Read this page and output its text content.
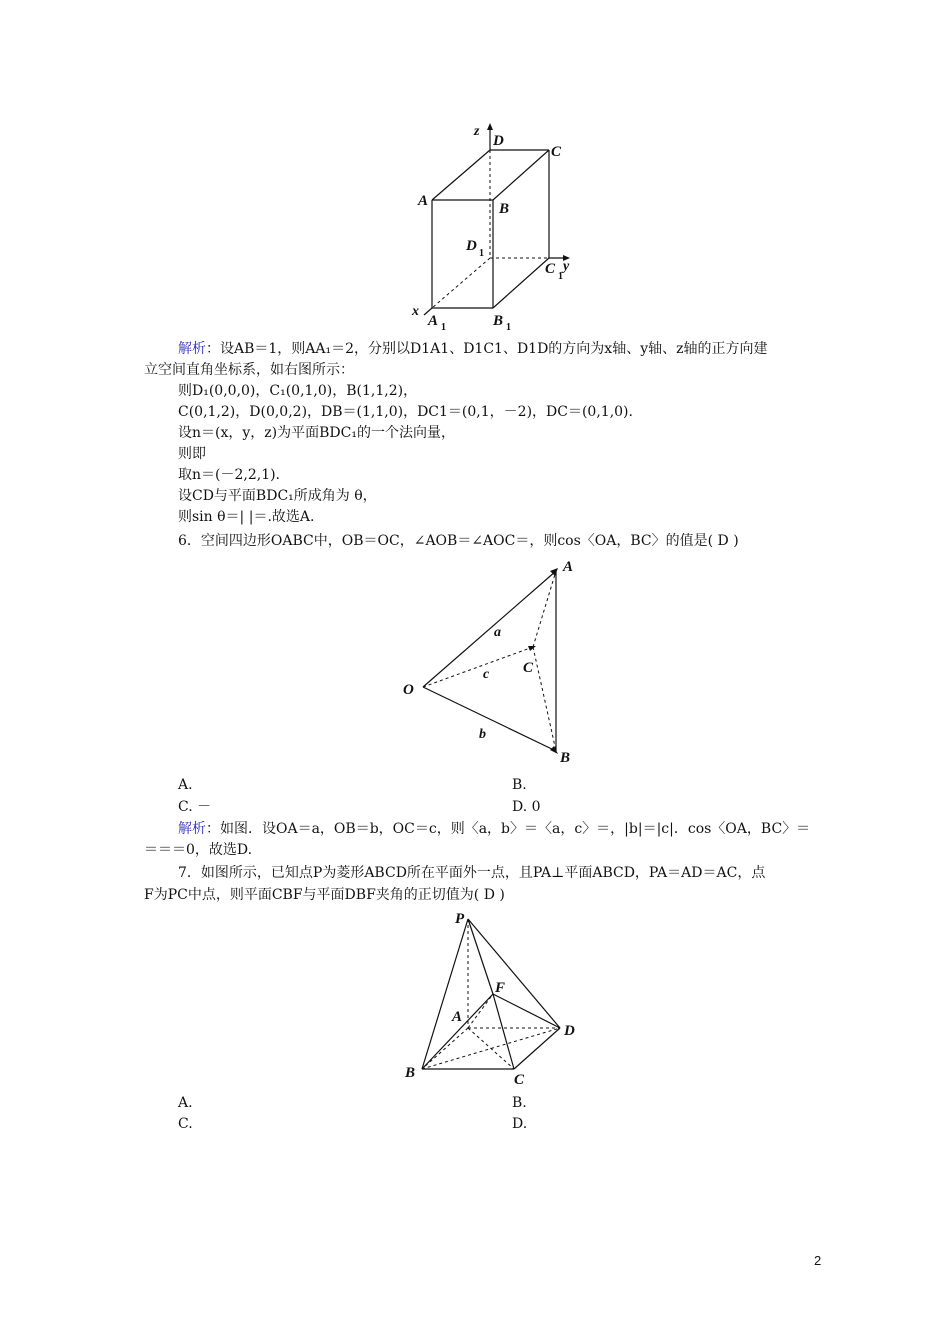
z
D
C
A	B
D 1
C 1
y
x
A 1	B 1
解析：设AB＝1，则AA₁＝2，分别以D1A1、D1C1、D1D的方向为x轴、y轴、z轴的正方向建
立空间直角坐标系，如右图所示：
则D₁(0,0,0)，C₁(0,1,0)，B(1,1,2)，
C(0,1,2)，D(0,0,2)，DB＝(1,1,0)，DC1＝(0,1，－2)，DC＝(0,1,0).
设n＝(x，y，z)为平面BDC₁的一个法向量，
则即
取n＝(－2,2,1).
设CD与平面BDC₁所成角为 θ，
则sin θ＝| |＝.故选A.
6．空间四边形OABC中，OB＝OC，∠AOB＝∠AOC＝，则cos〈OA，BC〉的值是( D )
A
a
C
c
O
b
B
A.	B.
C. －	D. 0
解析：如图．设OA＝a，OB＝b，OC＝c，则〈a，b〉＝〈a，c〉＝，|b|＝|c|．cos〈OA，BC〉＝
＝＝＝0，故选D.
7．如图所示，已知点P为菱形ABCD所在平面外一点，且PA⊥平面ABCD，PA＝AD＝AC，点
F为PC中点，则平面CBF与平面DBF夹角的正切值为( D )
P
F
A
D
B	C
A.	B.
C.	D.
2
